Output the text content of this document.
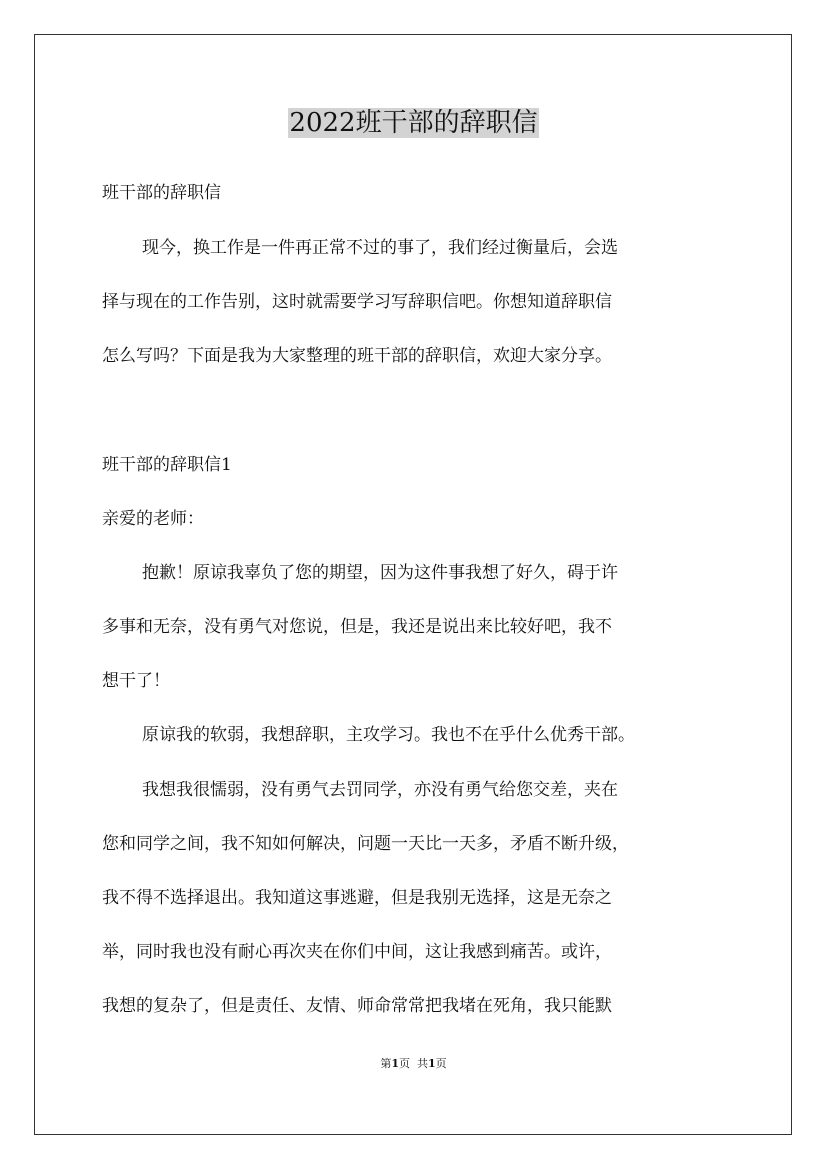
2022班干部的辞职信

班干部的辞职信

现今，换工作是一件再正常不过的事了，我们经过衡量后，会选

择与现在的工作告别，这时就需要学习写辞职信吧。你想知道辞职信

怎么写吗？下面是我为大家整理的班干部的辞职信，欢迎大家分享。

班干部的辞职信1

亲爱的老师：

抱歉！原谅我辜负了您的期望，因为这件事我想了好久，碍于许

多事和无奈，没有勇气对您说，但是，我还是说出来比较好吧，我不

想干了！

原谅我的软弱，我想辞职，主攻学习。我也不在乎什么优秀干部。

我想我很懦弱，没有勇气去罚同学，亦没有勇气给您交差，夹在

您和同学之间，我不知如何解决，问题一天比一天多，矛盾不断升级，

我不得不选择退出。我知道这事逃避，但是我别无选择，这是无奈之

举，同时我也没有耐心再次夹在你们中间，这让我感到痛苦。或许，

我想的复杂了，但是责任、友情、师命常常把我堵在死角，我只能默

第1页 共1页
